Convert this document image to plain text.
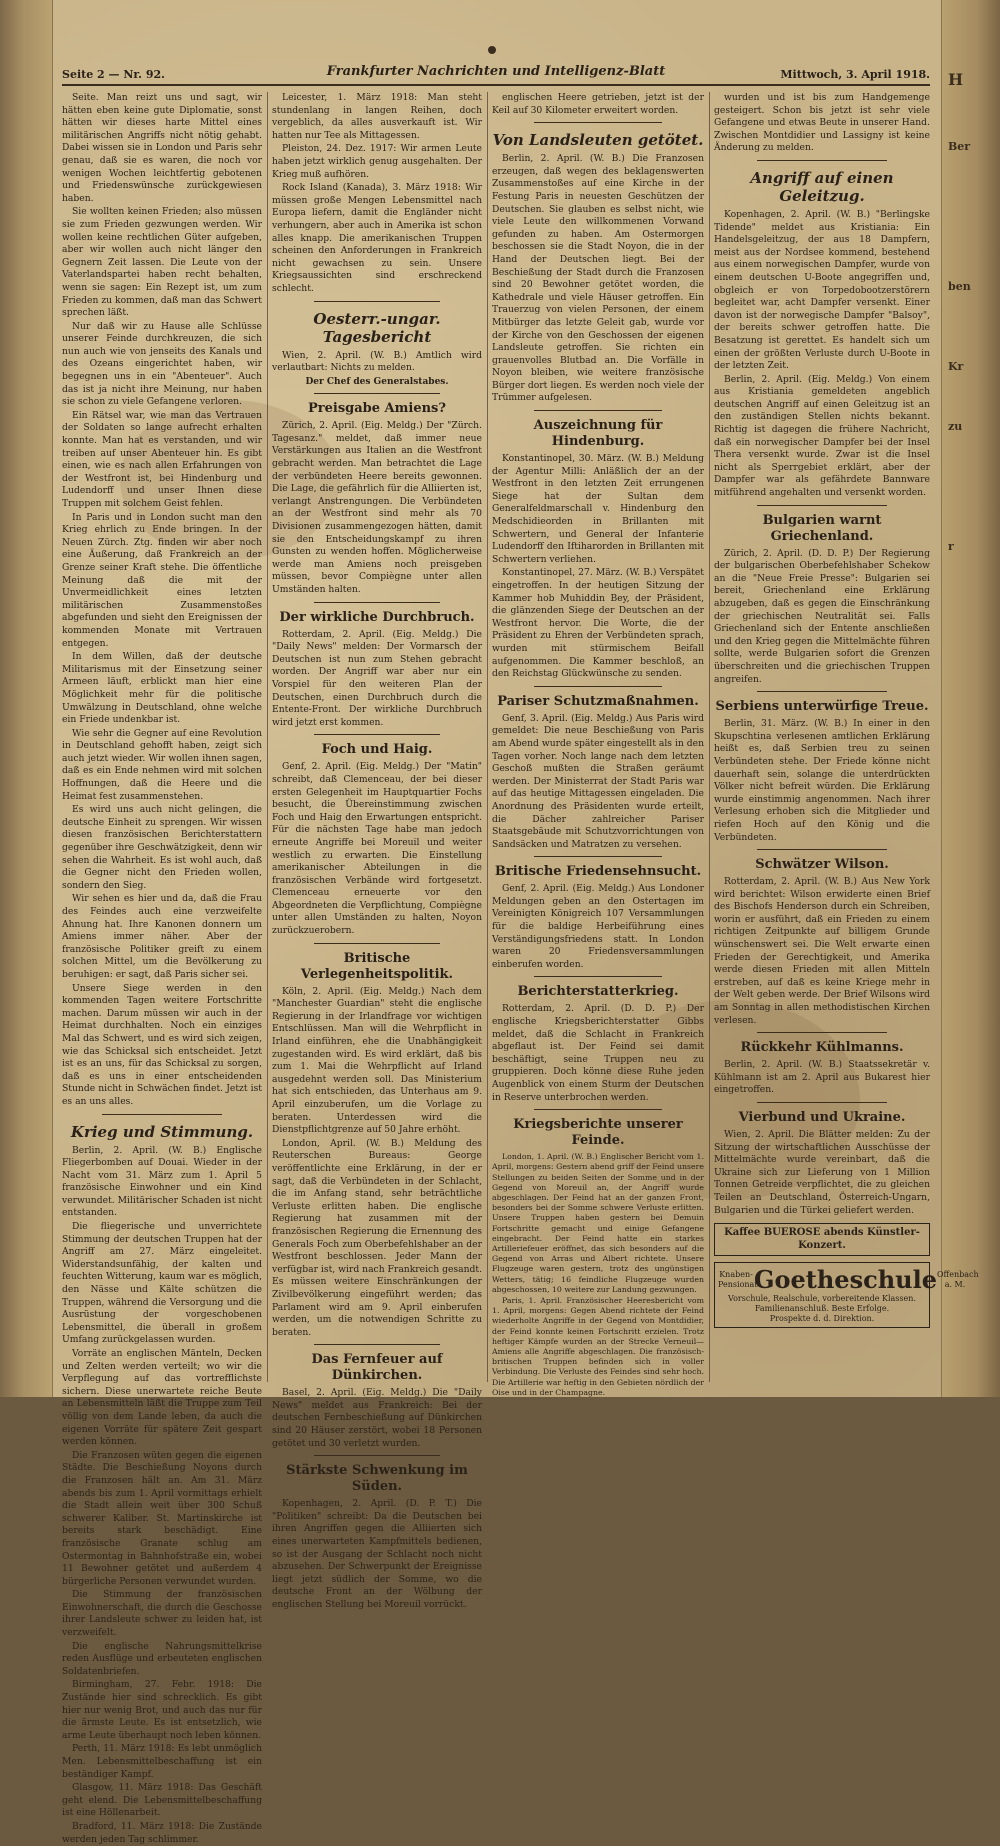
H
Ber
ben
zu
r
Kr
Seite 2 — Nr. 92.	Frankfurter Nachrichten und Intelligenz-Blatt	Mittwoch, 3. April 1918.

Seite. Man reizt uns und sagt, wir hätten eben keine gute Diplomatie, sonst hätten wir dieses harte Mittel eines militärischen Angriffs nicht nötig gehabt. Dabei wissen sie in London und Paris sehr genau, daß sie es waren, die noch vor wenigen Wochen leichtfertig gebotenen und Friedenswünsche zurückgewiesen haben.

Sie wollten keinen Frieden; also müssen sie zum Frieden gezwungen werden. Wir wollen keine rechtlichen Güter aufgeben, aber wir wollen auch nicht länger den Gegnern Zeit lassen. Die Leute von der Vaterlandspartei haben recht behalten, wenn sie sagen: Ein Rezept ist, um zum Frieden zu kommen, daß man das Schwert sprechen läßt.

Nur daß wir zu Hause alle Schlüsse unserer Feinde durchkreuzen, die sich nun auch wie von jenseits des Kanals und des Ozeans eingerichtet haben, wir begegnen uns in ein "Abenteuer". Auch das ist ja nicht ihre Meinung, nur haben sie schon zu viele Gefangene verloren.

Ein Rätsel war, wie man das Vertrauen der Soldaten so lange aufrecht erhalten konnte. Man hat es verstanden, und wir treiben auf unser Abenteuer hin. Es gibt einen, wie es nach allen Erfahrungen von der Westfront ist, bei Hindenburg und Ludendorff und unser Ihnen diese Truppen mit solchem Geist fehlen.

In Paris und in London sucht man den Krieg ehrlich zu Ende bringen. In der Neuen Zürch. Ztg. finden wir aber noch eine Äußerung, daß Frankreich an der Grenze seiner Kraft stehe. Die öffentliche Meinung daß die mit der Unvermeidlichkeit eines letzten militärischen Zusammenstoßes abgefunden und sieht den Ereignissen der kommenden Monate mit Vertrauen entgegen.

In dem Willen, daß der deutsche Militarismus mit der Einsetzung seiner Armeen läuft, erblickt man hier eine Möglichkeit mehr für die politische Umwälzung in Deutschland, ohne welche ein Friede undenkbar ist.

Wie sehr die Gegner auf eine Revolution in Deutschland gehofft haben, zeigt sich auch jetzt wieder. Wir wollen ihnen sagen, daß es ein Ende nehmen wird mit solchen Hoffnungen, daß die Heere und die Heimat fest zusammenstehen.

Es wird uns auch nicht gelingen, die deutsche Einheit zu sprengen. Wir wissen diesen französischen Berichterstattern gegenüber ihre Geschwätzigkeit, denn wir sehen die Wahrheit. Es ist wohl auch, daß die Gegner nicht den Frieden wollen, sondern den Sieg.

Wir sehen es hier und da, daß die Frau des Feindes auch eine verzweifelte Ahnung hat. Ihre Kanonen donnern um Amiens immer näher. Aber der französische Politiker greift zu einem solchen Mittel, um die Bevölkerung zu beruhigen: er sagt, daß Paris sicher sei.

Unsere Siege werden in den kommenden Tagen weitere Fortschritte machen. Darum müssen wir auch in der Heimat durchhalten. Noch ein einziges Mal das Schwert, und es wird sich zeigen, wie das Schicksal sich entscheidet. Jetzt ist es an uns, für das Schicksal zu sorgen, daß es uns in einer entscheidenden Stunde nicht in Schwächen findet. Jetzt ist es an uns alles.

Krieg und Stimmung.

Berlin, 2. April. (W. B.) Englische Fliegerbomben auf Douai. Wieder in der Nacht vom 31. März zum 1. April 5 französische Einwohner und ein Kind verwundet. Militärischer Schaden ist nicht entstanden.

Die fliegerische und unverrichtete Stimmung der deutschen Truppen hat der Angriff am 27. März eingeleitet. Widerstandsunfähig, der kalten und feuchten Witterung, kaum war es möglich, den Nässe und Kälte schützen die Truppen, während die Versorgung und die Ausrüstung der vorgeschobenen Lebensmittel, die überall in großem Umfang zurückgelassen wurden.

Vorräte an englischen Mänteln, Decken und Zelten werden verteilt; wo wir die Verpflegung auf das vortrefflichste sichern. Diese unerwartete reiche Beute an Lebensmitteln läßt die Truppe zum Teil völlig von dem Lande leben, da auch die eigenen Vorräte für spätere Zeit gespart werden können.

Die Franzosen wüten gegen die eigenen Städte. Die Beschießung Noyons durch die Franzosen hält an. Am 31. März abends bis zum 1. April vormittags erhielt die Stadt allein weit über 300 Schuß schwerer Kaliber. St. Martinskirche ist bereits stark beschädigt. Eine französische Granate schlug am Ostermontag in Bahnhofstraße ein, wobei 11 Bewohner getötet und außerdem 4 bürgerliche Personen verwundet wurden.

Die Stimmung der französischen Einwohnerschaft, die durch die Geschosse ihrer Landsleute schwer zu leiden hat, ist verzweifelt.

Die englische Nahrungsmittelkrise reden Ausflüge und erbeuteten englischen Soldatenbriefen.

Birmingham, 27. Febr. 1918: Die Zustände hier sind schrecklich. Es gibt hier nur wenig Brot, und auch das nur für die ärmste Leute. Es ist entsetzlich, wie arme Leute überhaupt noch leben können.

Perth, 11. März 1918: Es lebt unmöglich Men. Lebensmittelbeschaffung ist ein beständiger Kampf.

Glasgow, 11. März 1918: Das Geschäft geht elend. Die Lebensmittelbeschaffung ist eine Höllenarbeit.

Bradford, 11. März 1918: Die Zustände werden jeden Tag schlimmer.

Leicester, 1. März 1918: Man steht stundenlang in langen Reihen, doch vergeblich, da alles ausverkauft ist. Wir hatten nur Tee als Mittagessen.

Pleiston, 24. Dez. 1917: Wir armen Leute haben jetzt wirklich genug ausgehalten. Der Krieg muß aufhören.

Rock Island (Kanada), 3. März 1918: Wir müssen große Mengen Lebensmittel nach Europa liefern, damit die Engländer nicht verhungern, aber auch in Amerika ist schon alles knapp. Die amerikanischen Truppen scheinen den Anforderungen in Frankreich nicht gewachsen zu sein. Unsere Kriegsaussichten sind erschreckend schlecht.

Oesterr.-ungar. Tagesbericht

Wien, 2. April. (W. B.) Amtlich wird verlautbart: Nichts zu melden.

Der Chef des Generalstabes.
Preisgabe Amiens?

Zürich, 2. April. (Eig. Meldg.) Der "Zürch. Tagesanz." meldet, daß immer neue Verstärkungen aus Italien an die Westfront gebracht werden. Man betrachtet die Lage der verbündeten Heere bereits gewonnen. Die Lage, die gefährlich für die Alliierten ist, verlangt Anstrengungen. Die Verbündeten an der Westfront sind mehr als 70 Divisionen zusammengezogen hätten, damit sie den Entscheidungskampf zu ihren Gunsten zu wenden hoffen. Möglicherweise werde man Amiens noch preisgeben müssen, bevor Compiègne unter allen Umständen halten.

Der wirkliche Durchbruch.

Rotterdam, 2. April. (Eig. Meldg.) Die "Daily News" melden: Der Vormarsch der Deutschen ist nun zum Stehen gebracht worden. Der Angriff war aber nur ein Vorspiel für den weiteren Plan der Deutschen, einen Durchbruch durch die Entente-Front. Der wirkliche Durchbruch wird jetzt erst kommen.

Foch und Haig.

Genf, 2. April. (Eig. Meldg.) Der "Matin" schreibt, daß Clemenceau, der bei dieser ersten Gelegenheit im Hauptquartier Fochs besucht, die Übereinstimmung zwischen Foch und Haig den Erwartungen entspricht. Für die nächsten Tage habe man jedoch erneute Angriffe bei Moreuil und weiter westlich zu erwarten. Die Einstellung amerikanischer Abteilungen in die französischen Verbände wird fortgesetzt. Clemenceau erneuerte vor den Abgeordneten die Verpflichtung, Compiègne unter allen Umständen zu halten, Noyon zurückzuerobern.

Britische Verlegenheitspolitik.

Köln, 2. April. (Eig. Meldg.) Nach dem "Manchester Guardian" steht die englische Regierung in der Irlandfrage vor wichtigen Entschlüssen. Man will die Wehrpflicht in Irland einführen, ehe die Unabhängigkeit zugestanden wird. Es wird erklärt, daß bis zum 1. Mai die Wehrpflicht auf Irland ausgedehnt werden soll. Das Ministerium hat sich entschieden, das Unterhaus am 9. April einzuberufen, um die Vorlage zu beraten. Unterdessen wird die Dienstpflichtgrenze auf 50 Jahre erhöht.

London, April. (W. B.) Meldung des Reuterschen Bureaus: George veröffentlichte eine Erklärung, in der er sagt, daß die Verbündeten in der Schlacht, die im Anfang stand, sehr beträchtliche Verluste erlitten haben. Die englische Regierung hat zusammen mit der französischen Regierung die Ernennung des Generals Foch zum Oberbefehlshaber an der Westfront beschlossen. Jeder Mann der verfügbar ist, wird nach Frankreich gesandt. Es müssen weitere Einschränkungen der Zivilbevölkerung eingeführt werden; das Parlament wird am 9. April einberufen werden, um die notwendigen Schritte zu beraten.

Das Fernfeuer auf Dünkirchen.

Basel, 2. April. (Eig. Meldg.) Die "Daily News" meldet aus Frankreich: Bei der deutschen Fernbeschießung auf Dünkirchen sind 20 Häuser zerstört, wobei 18 Personen getötet und 30 verletzt wurden.

Stärkste Schwenkung im Süden.

Kopenhagen, 2. April. (D. P. T.) Die "Politiken" schreibt: Da die Deutschen bei ihren Angriffen gegen die Alliierten sich eines unerwarteten Kampfmittels bedienen, so ist der Ausgang der Schlacht noch nicht abzusehen. Der Schwerpunkt der Ereignisse liegt jetzt südlich der Somme, wo die deutsche Front an der Wölbung der englischen Stellung bei Moreuil vorrückt.

englischen Heere getrieben, jetzt ist der Keil auf 30 Kilometer erweitert worden.

Von Landsleuten getötet.

Berlin, 2. April. (W. B.) Die Franzosen erzeugen, daß wegen des beklagenswerten Zusammenstoßes auf eine Kirche in der Festung Paris in neuesten Geschützen der Deutschen. Sie glauben es selbst nicht, wie viele Leute den willkommenen Vorwand gefunden zu haben. Am Ostermorgen beschossen sie die Stadt Noyon, die in der Hand der Deutschen liegt. Bei der Beschießung der Stadt durch die Franzosen sind 20 Bewohner getötet worden, die Kathedrale und viele Häuser getroffen. Ein Trauerzug von vielen Personen, der einem Mitbürger das letzte Geleit gab, wurde vor der Kirche von den Geschossen der eigenen Landsleute getroffen. Sie richten ein grauenvolles Blutbad an. Die Vorfälle in Noyon bleiben, wie weitere französische Bürger dort liegen. Es werden noch viele der Trümmer aufgelesen.

Auszeichnung für Hindenburg.

Konstantinopel, 30. März. (W. B.) Meldung der Agentur Milli: Anläßlich der an der Westfront in den letzten Zeit errungenen Siege hat der Sultan dem Generalfeldmarschall v. Hindenburg den Medschidieorden in Brillanten mit Schwertern, und General der Infanterie Ludendorff den Iftiharorden in Brillanten mit Schwertern verliehen.

Konstantinopel, 27. März. (W. B.) Verspätet eingetroffen. In der heutigen Sitzung der Kammer hob Muhiddin Bey, der Präsident, die glänzenden Siege der Deutschen an der Westfront hervor. Die Worte, die der Präsident zu Ehren der Verbündeten sprach, wurden mit stürmischem Beifall aufgenommen. Die Kammer beschloß, an den Reichstag Glückwünsche zu senden.

Pariser Schutzmaßnahmen.

Genf, 3. April. (Eig. Meldg.) Aus Paris wird gemeldet: Die neue Beschießung von Paris am Abend wurde später eingestellt als in den Tagen vorher. Noch lange nach dem letzten Geschoß mußten die Straßen geräumt werden. Der Ministerrat der Stadt Paris war auf das heutige Mittagessen eingeladen. Die Anordnung des Präsidenten wurde erteilt, die Dächer zahlreicher Pariser Staatsgebäude mit Schutzvorrichtungen von Sandsäcken und Matratzen zu versehen.

Britische Friedensehnsucht.

Genf, 2. April. (Eig. Meldg.) Aus Londoner Meldungen geben an den Ostertagen im Vereinigten Königreich 107 Versammlungen für die baldige Herbeiführung eines Verständigungsfriedens statt. In London waren 20 Friedensversammlungen einberufen worden.

Berichterstatterkrieg.

Rotterdam, 2. April. (D. D. P.) Der englische Kriegsberichterstatter Gibbs meldet, daß die Schlacht in Frankreich abgeflaut ist. Der Feind sei damit beschäftigt, seine Truppen neu zu gruppieren. Doch könne diese Ruhe jeden Augenblick von einem Sturm der Deutschen in Reserve unterbrochen werden.

Kriegsberichte unserer Feinde.

London, 1. April. (W. B.) Englischer Bericht vom 1. April, morgens: Gestern abend griff der Feind unsere Stellungen zu beiden Seiten der Somme und in der Gegend von Moreuil an, der Angriff wurde abgeschlagen. Der Feind hat an der ganzen Front, besonders bei der Somme schwere Verluste erlitten. Unsere Truppen haben gestern bei Demuin Fortschritte gemacht und einige Gefangene eingebracht. Der Feind hatte ein starkes Artilleriefeuer eröffnet, das sich besonders auf die Gegend von Arras und Albert richtete. Unsere Flugzeuge waren gestern, trotz des ungünstigen Wetters, tätig; 16 feindliche Flugzeuge wurden abgeschossen, 10 weitere zur Landung gezwungen.

Paris, 1. April. Französischer Heeresbericht vom 1. April, morgens: Gegen Abend richtete der Feind wiederholte Angriffe in der Gegend von Montdidier, der Feind konnte keinen Fortschritt erzielen. Trotz heftiger Kämpfe wurden an der Strecke Verneuil—Amiens alle Angriffe abgeschlagen. Die französisch-britischen Truppen befinden sich in voller Verbindung. Die Verluste des Feindes sind sehr hoch. Die Artillerie war heftig in den Gebieten nördlich der Oise und in der Champagne.

wurden und ist bis zum Handgemenge gesteigert. Schon bis jetzt ist sehr viele Gefangene und etwas Beute in unserer Hand. Zwischen Montdidier und Lassigny ist keine Änderung zu melden.

Angriff auf einen Geleitzug.

Kopenhagen, 2. April. (W. B.) "Berlingske Tidende" meldet aus Kristiania: Ein Handelsgeleitzug, der aus 18 Dampfern, meist aus der Nordsee kommend, bestehend aus einem norwegischen Dampfer, wurde von einem deutschen U-Boote angegriffen und, obgleich er von Torpedobootzerstörern begleitet war, acht Dampfer versenkt. Einer davon ist der norwegische Dampfer "Balsoy", der bereits schwer getroffen hatte. Die Besatzung ist gerettet. Es handelt sich um einen der größten Verluste durch U-Boote in der letzten Zeit.

Berlin, 2. April. (Eig. Meldg.) Von einem aus Kristiania gemeldeten angeblich deutschen Angriff auf einen Geleitzug ist an den zuständigen Stellen nichts bekannt. Richtig ist dagegen die frühere Nachricht, daß ein norwegischer Dampfer bei der Insel Thera versenkt wurde. Zwar ist die Insel nicht als Sperrgebiet erklärt, aber der Dampfer war als gefährdete Bannware mitführend angehalten und versenkt worden.

Bulgarien warnt Griechenland.

Zürich, 2. April. (D. D. P.) Der Regierung der bulgarischen Oberbefehlshaber Schekow an die "Neue Freie Presse": Bulgarien sei bereit, Griechenland eine Erklärung abzugeben, daß es gegen die Einschränkung der griechischen Neutralität sei. Falls Griechenland sich der Entente anschließen und den Krieg gegen die Mittelmächte führen sollte, werde Bulgarien sofort die Grenzen überschreiten und die griechischen Truppen angreifen.

Serbiens unterwürfige Treue.

Berlin, 31. März. (W. B.) In einer in den Skupschtina verlesenen amtlichen Erklärung heißt es, daß Serbien treu zu seinen Verbündeten stehe. Der Friede könne nicht dauerhaft sein, solange die unterdrückten Völker nicht befreit würden. Die Erklärung wurde einstimmig angenommen. Nach ihrer Verlesung erhoben sich die Mitglieder und riefen Hoch auf den König und die Verbündeten.

Schwätzer Wilson.

Rotterdam, 2. April. (W. B.) Aus New York wird berichtet: Wilson erwiderte einen Brief des Bischofs Henderson durch ein Schreiben, worin er ausführt, daß ein Frieden zu einem richtigen Zeitpunkte auf billigem Grunde wünschenswert sei. Die Welt erwarte einen Frieden der Gerechtigkeit, und Amerika werde diesen Frieden mit allen Mitteln erstreben, auf daß es keine Kriege mehr in der Welt geben werde. Der Brief Wilsons wird am Sonntag in allen methodistischen Kirchen verlesen.

Rückkehr Kühlmanns.

Berlin, 2. April. (W. B.) Staatssekretär v. Kühlmann ist am 2. April aus Bukarest hier eingetroffen.

Vierbund und Ukraine.

Wien, 2. April. Die Blätter melden: Zu der Sitzung der wirtschaftlichen Ausschüsse der Mittelmächte wurde vereinbart, daß die Ukraine sich zur Lieferung von 1 Million Tonnen Getreide verpflichtet, die zu gleichen Teilen an Deutschland, Österreich-Ungarn, Bulgarien und die Türkei geliefert werden.

Kaffee BUEROSE abends Künstler-Konzert.
Knaben-Pensionat
Goetheschule Offenbach a. M.
Vorschule, Realschule, vorbereitende Klassen.
Familienanschluß. Beste Erfolge.
Prospekte d. d. Direktion.
